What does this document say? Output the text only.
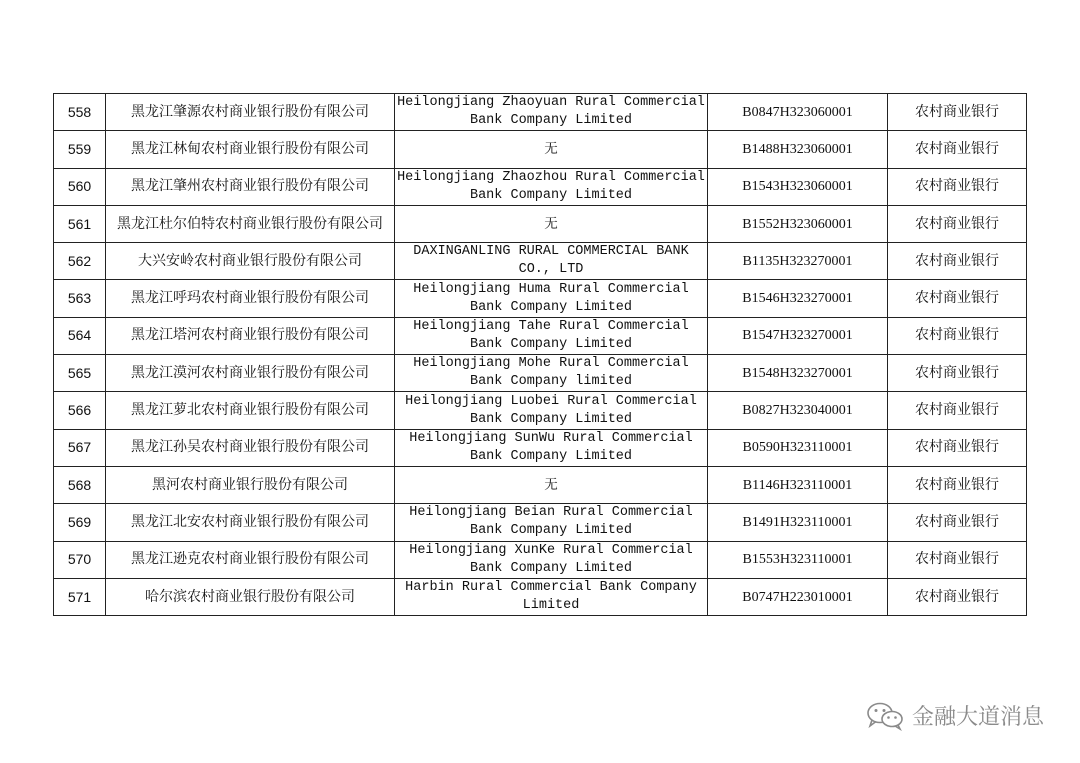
558	黑龙江肇源农村商业银行股份有限公司	Heilongjiang Zhaoyuan Rural Commercial Bank Company Limited	B0847H323060001	农村商业银行
559	黑龙江林甸农村商业银行股份有限公司	无	B1488H323060001	农村商业银行
560	黑龙江肇州农村商业银行股份有限公司	Heilongjiang Zhaozhou Rural Commercial Bank Company Limited	B1543H323060001	农村商业银行
561	黑龙江杜尔伯特农村商业银行股份有限公司	无	B1552H323060001	农村商业银行
562	大兴安岭农村商业银行股份有限公司	DAXINGANLING RURAL COMMERCIAL BANK CO., LTD	B1135H323270001	农村商业银行
563	黑龙江呼玛农村商业银行股份有限公司	Heilongjiang Huma Rural Commercial Bank Company Limited	B1546H323270001	农村商业银行
564	黑龙江塔河农村商业银行股份有限公司	Heilongjiang Tahe Rural Commercial Bank Company Limited	B1547H323270001	农村商业银行
565	黑龙江漠河农村商业银行股份有限公司	Heilongjiang Mohe Rural Commercial Bank Company limited	B1548H323270001	农村商业银行
566	黑龙江萝北农村商业银行股份有限公司	Heilongjiang Luobei Rural Commercial Bank Company Limited	B0827H323040001	农村商业银行
567	黑龙江孙吴农村商业银行股份有限公司	Heilongjiang SunWu Rural Commercial Bank Company Limited	B0590H323110001	农村商业银行
568	黑河农村商业银行股份有限公司	无	B1146H323110001	农村商业银行
569	黑龙江北安农村商业银行股份有限公司	Heilongjiang Beian Rural Commercial Bank Company Limited	B1491H323110001	农村商业银行
570	黑龙江逊克农村商业银行股份有限公司	Heilongjiang XunKe Rural Commercial Bank Company Limited	B1553H323110001	农村商业银行
571	哈尔滨农村商业银行股份有限公司	Harbin Rural Commercial Bank Company Limited	B0747H223010001	农村商业银行
金融大道消息
